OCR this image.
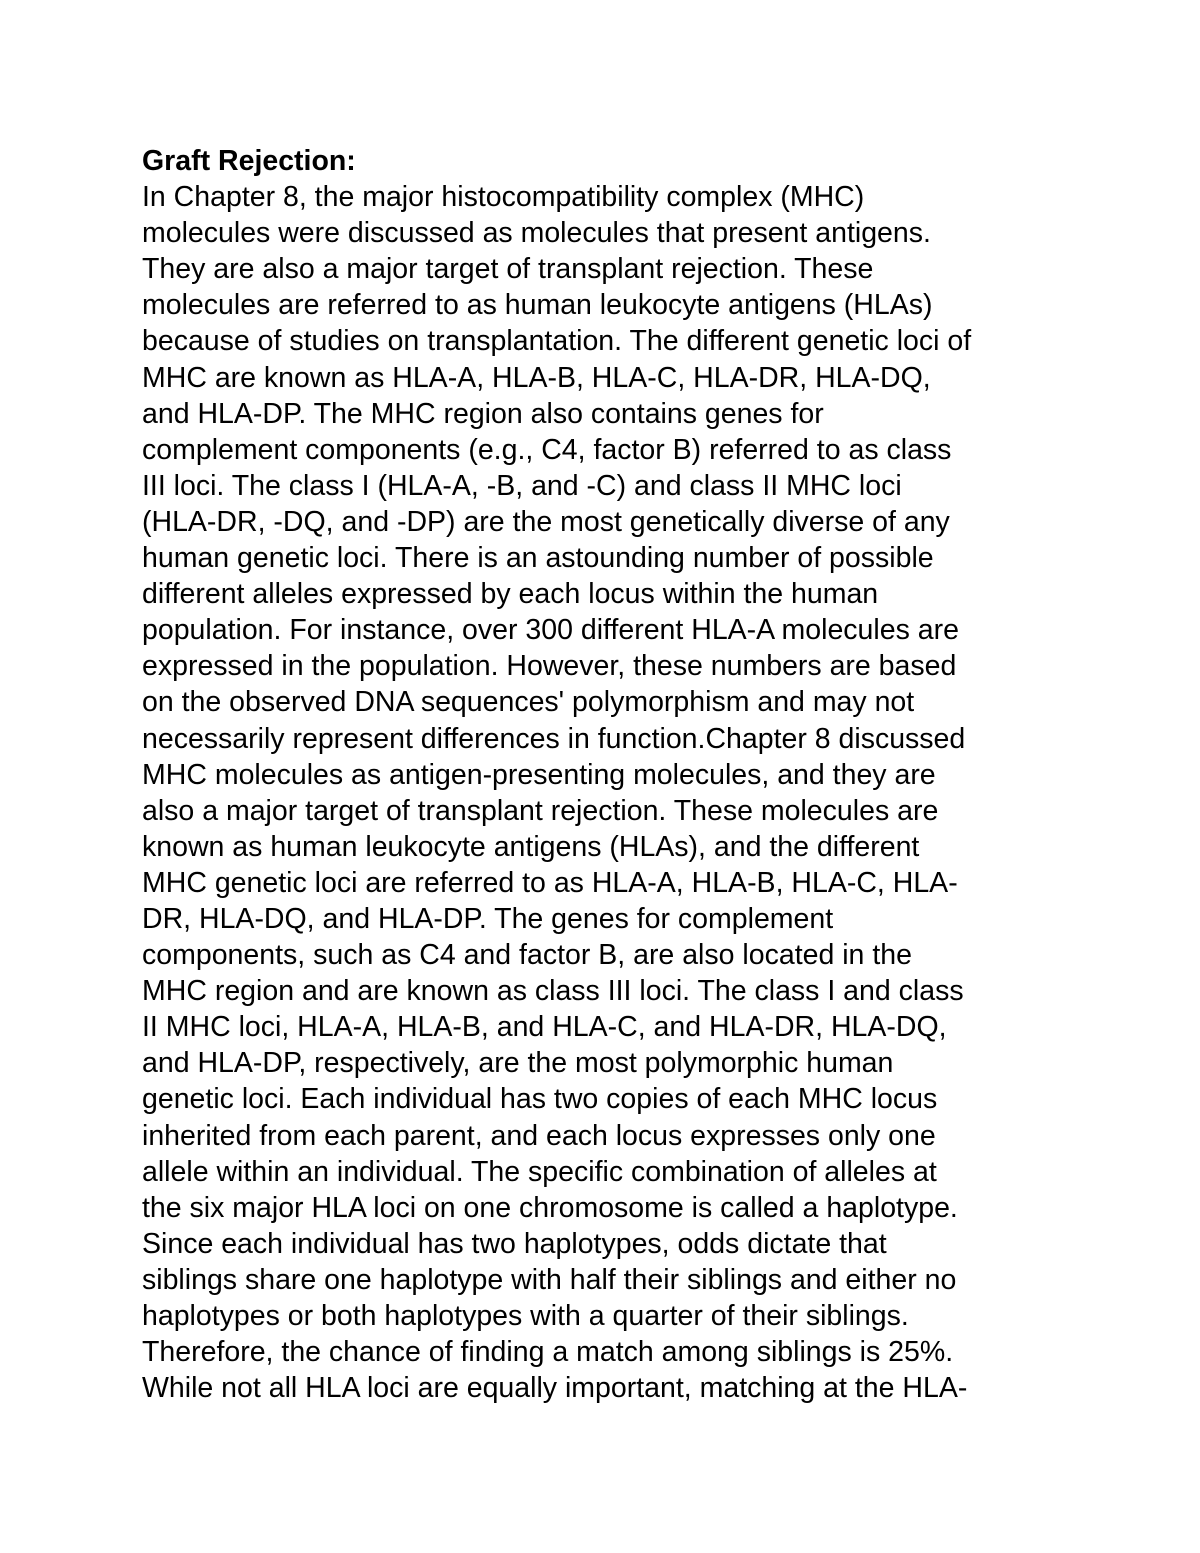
Graft Rejection:

In Chapter 8, the major histocompatibility complex (MHC)

molecules were discussed as molecules that present antigens.

They are also a major target of transplant rejection. These

molecules are referred to as human leukocyte antigens (HLAs)

because of studies on transplantation. The different genetic loci of

MHC are known as HLA-A, HLA-B, HLA-C, HLA-DR, HLA-DQ,

and HLA-DP. The MHC region also contains genes for

complement components (e.g., C4, factor B) referred to as class

III loci. The class I (HLA-A, -B, and -C) and class II MHC loci

(HLA-DR, -DQ, and -DP) are the most genetically diverse of any

human genetic loci. There is an astounding number of possible

different alleles expressed by each locus within the human

population. For instance, over 300 different HLA-A molecules are

expressed in the population. However, these numbers are based

on the observed DNA sequences' polymorphism and may not

necessarily represent differences in function.Chapter 8 discussed

MHC molecules as antigen-presenting molecules, and they are

also a major target of transplant rejection. These molecules are

known as human leukocyte antigens (HLAs), and the different

MHC genetic loci are referred to as HLA-A, HLA-B, HLA-C, HLA-

DR, HLA-DQ, and HLA-DP. The genes for complement

components, such as C4 and factor B, are also located in the

MHC region and are known as class III loci. The class I and class

II MHC loci, HLA-A, HLA-B, and HLA-C, and HLA-DR, HLA-DQ,

and HLA-DP, respectively, are the most polymorphic human

genetic loci. Each individual has two copies of each MHC locus

inherited from each parent, and each locus expresses only one

allele within an individual. The specific combination of alleles at

the six major HLA loci on one chromosome is called a haplotype.

Since each individual has two haplotypes, odds dictate that

siblings share one haplotype with half their siblings and either no

haplotypes or both haplotypes with a quarter of their siblings.

Therefore, the chance of finding a match among siblings is 25%.

While not all HLA loci are equally important, matching at the HLA-
